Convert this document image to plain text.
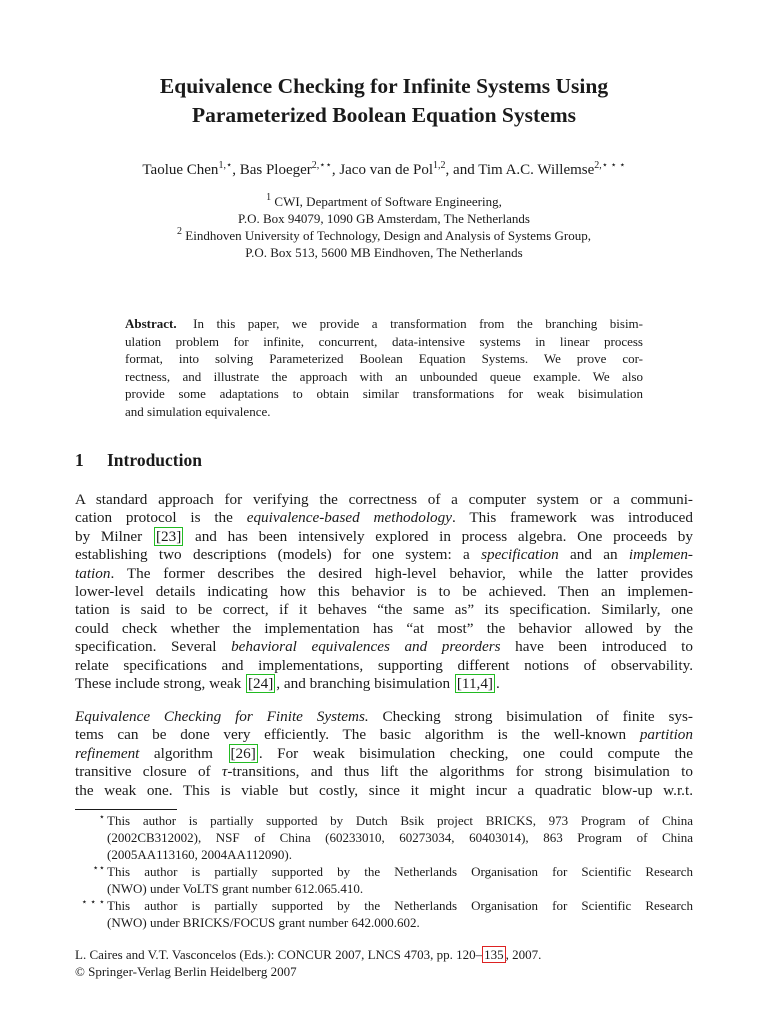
Equivalence Checking for Infinite Systems Using
Parameterized Boolean Equation Systems
Taolue Chen$^{1,⋆}$, Bas Ploeger$^{2,⋆⋆}$, Jaco van de Pol$^{1,2}$, and Tim A.C. Willemse$^{2,⋆ ⋆ ⋆}$
$^1$ CWI, Department of Software Engineering,
P.O. Box 94079, 1090 GB Amsterdam, The Netherlands
$^2$ Eindhoven University of Technology, Design and Analysis of Systems Group,
P.O. Box 513, 5600 MB Eindhoven, The Netherlands
Abstract. In this paper, we provide a transformation from the branching bisim-
ulation problem for infinite, concurrent, data-intensive systems in linear process
format, into solving Parameterized Boolean Equation Systems. We prove cor-
rectness, and illustrate the approach with an unbounded queue example. We also
provide some adaptations to obtain similar transformations for weak bisimulation
and simulation equivalence.
1 Introduction
A standard approach for verifying the correctness of a computer system or a communi-
cation protocol is the equivalence-based methodology. This framework was introduced
by Milner [23] and has been intensively explored in process algebra. One proceeds by
establishing two descriptions (models) for one system: a specification and an implemen-
tation. The former describes the desired high-level behavior, while the latter provides
lower-level details indicating how this behavior is to be achieved. Then an implemen-
tation is said to be correct, if it behaves “the same as” its specification. Similarly, one
could check whether the implementation has “at most” the behavior allowed by the
specification. Several behavioral equivalences and preorders have been introduced to
relate specifications and implementations, supporting different notions of observability.
These include strong, weak [24] , and branching bisimulation [11,4] .
Equivalence Checking for Finite Systems. Checking strong bisimulation of finite sys-
tems can be done very efficiently. The basic algorithm is the well-known partition
refinement algorithm [26] . For weak bisimulation checking, one could compute the
transitive closure of τ-transitions, and thus lift the algorithms for strong bisimulation to
the weak one. This is viable but costly, since it might incur a quadratic blow-up w.r.t.
⋆ This author is partially supported by Dutch Bsik project BRICKS, 973 Program of China
(2002CB312002), NSF of China (60233010, 60273034, 60403014), 863 Program of China
(2005AA113160, 2004AA112090).
⋆⋆ This author is partially supported by the Netherlands Organisation for Scientific Research
(NWO) under VoLTS grant number 612.065.410.
⋆ ⋆ ⋆ This author is partially supported by the Netherlands Organisation for Scientific Research
(NWO) under BRICKS/FOCUS grant number 642.000.602.
L. Caires and V.T. Vasconcelos (Eds.): CONCUR 2007, LNCS 4703, pp. 120– 135 , 2007.
© Springer-Verlag Berlin Heidelberg 2007
